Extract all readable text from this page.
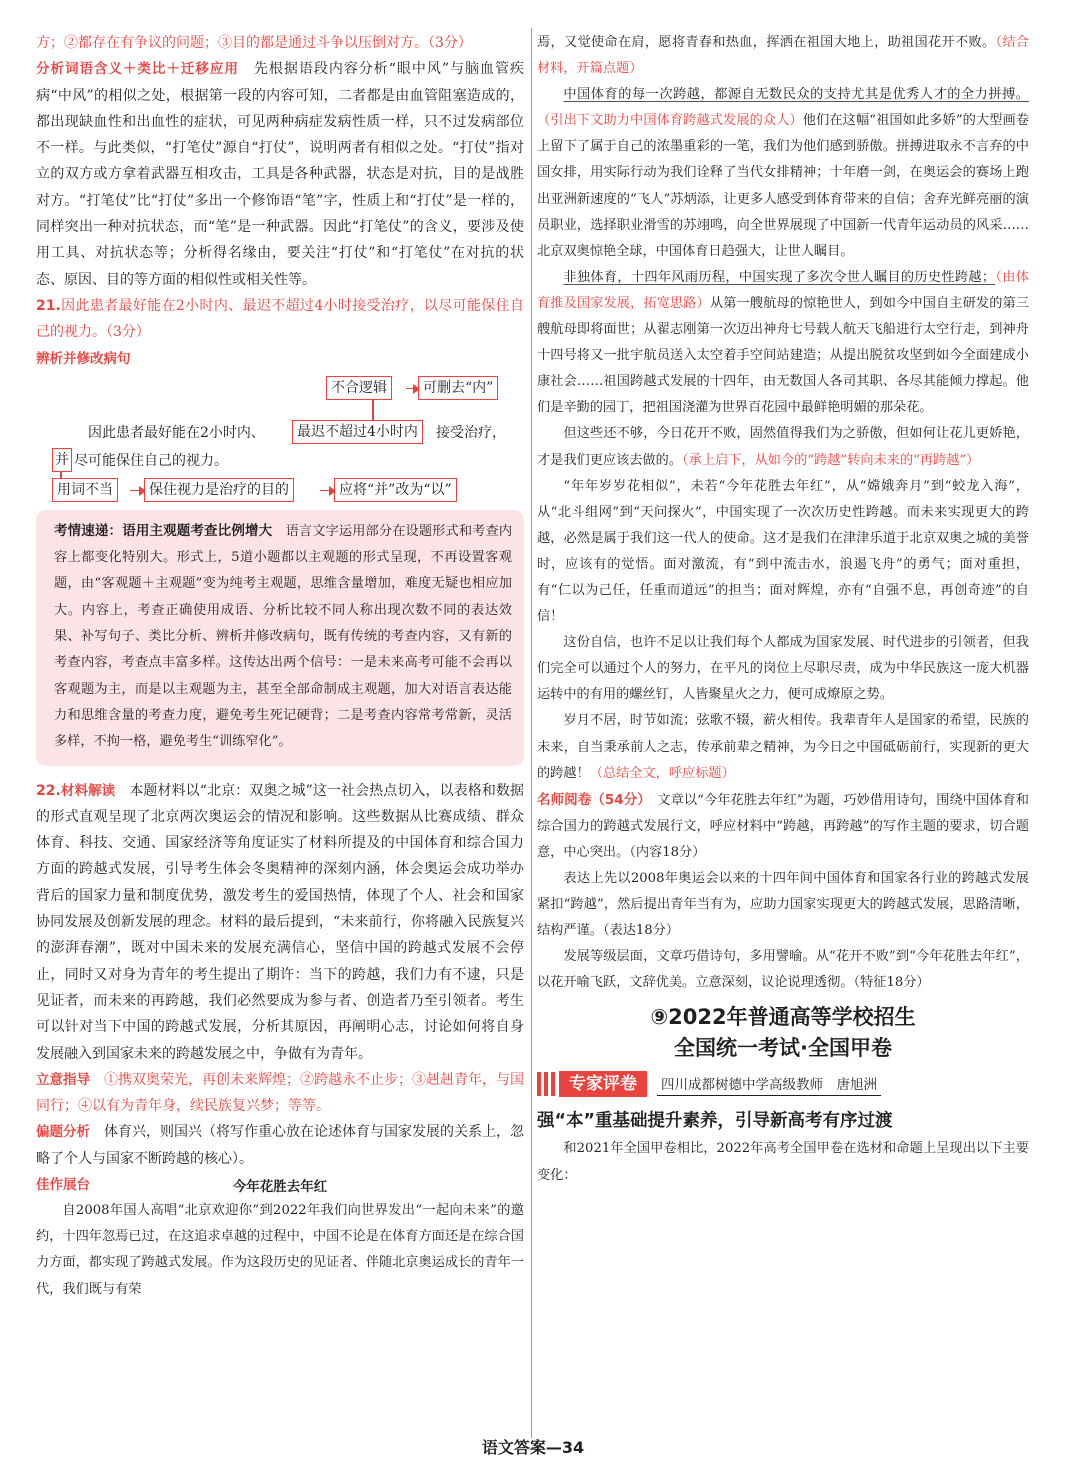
方；②都存在有争议的问题；③目的都是通过斗争以压倒对方。（3分）

分析词语含义＋类比＋迁移应用　 先根据语段内容分析“眼中风”与脑血管疾病“中风”的相似之处，根据第一段的内容可知，二者都是由血管阻塞造成的，都出现缺血性和出血性的症状，可见两种病症发病性质一样，只不过发病部位不一样。与此类似，“打笔仗”源自“打仗”，说明两者有相似之处。“打仗”指对立的双方或方拿着武器互相攻击，工具是各种武器，状态是对抗，目的是战胜对方。“打笔仗”比“打仗”多出一个修饰语“笔”字，性质上和“打仗”是一样的，同样突出一种对抗状态，而“笔”是一种武器。因此“打笔仗”的含义，要涉及使用工具、对抗状态等；分析得名缘由，要关注“打仗”和“打笔仗”在对抗的状态、原因、目的等方面的相似性或相关性等。

21.因此患者最好能在2小时内、最迟不超过4小时接受治疗，以尽可能保住自己的视力。（3分）

辨析并修改病句

不合逻辑	可删去“内”
因此患者最好能在2小时内、	最迟不超过4小时内	接受治疗，
并 尽可能保住自己的视力。
用词不当	保住视力是治疗的目的	应将“并”改为“以”

考情速递：语用主观题考查比例增大　 语言文字运用部分在设题形式和考查内容上都变化特别大。形式上，5道小题都以主观题的形式呈现，不再设置客观题，由“客观题＋主观题”变为纯考主观题，思维含量增加，难度无疑也相应加大。内容上，考查正确使用成语、分析比较不同人称出现次数不同的表达效果、补写句子、类比分析、辨析并修改病句，既有传统的考查内容，又有新的考查内容，考查点丰富多样。这传达出两个信号：一是未来高考可能不会再以客观题为主，而是以主观题为主，甚至全部命制成主观题，加大对语言表达能力和思维含量的考查力度，避免考生死记硬背；二是考查内容常考常新，灵活多样，不拘一格，避免考生“训练窄化”。

22.材料解读　 本题材料以“北京：双奥之城”这一社会热点切入，以表格和数据的形式直观呈现了北京两次奥运会的情况和影响。这些数据从比赛成绩、群众体育、科技、交通、国家经济等角度证实了材料所提及的中国体育和综合国力方面的跨越式发展，引导考生体会冬奥精神的深刻内涵，体会奥运会成功举办背后的国家力量和制度优势，激发考生的爱国热情，体现了个人、社会和国家协同发展及创新发展的理念。材料的最后提到，“未来前行，你将融入民族复兴的澎湃春潮”，既对中国未来的发展充满信心，坚信中国的跨越式发展不会停止，同时又对身为青年的考生提出了期许：当下的跨越，我们力有不逮，只是见证者，而未来的再跨越，我们必然要成为参与者、创造者乃至引领者。考生可以针对当下中国的跨越式发展，分析其原因，再阐明心志，讨论如何将自身发展融入到国家未来的跨越发展之中，争做有为青年。

立意指导　 ①携双奥荣光，再创未来辉煌；②跨越永不止步；③赳赳青年，与国同行；④以有为青年身，续民族复兴梦；等等。

偏题分析　 体育兴，则国兴（将写作重心放在论述体育与国家发展的关系上，忽略了个人与国家不断跨越的核心）。

佳作展台	今年花胜去年红

自2008年国人高唱“北京欢迎你”到2022年我们向世界发出“一起向未来”的邀约，十四年忽焉已过，在这追求卓越的过程中，中国不论是在体育方面还是在综合国力方面，都实现了跨越式发展。作为这段历史的见证者、伴随北京奥运成长的青年一代，我们既与有荣

焉，又觉使命在肩，愿将青春和热血，挥洒在祖国大地上，助祖国花开不败。（结合材料，开篇点题）

中国体育的每一次跨越，都源自无数民众的支持尤其是优秀人才的全力拼搏。（引出下文助力中国体育跨越式发展的众人）他们在这幅“祖国如此多娇”的大型画卷上留下了属于自己的浓墨重彩的一笔，我们为他们感到骄傲。拼搏进取永不言弃的中国女排，用实际行动为我们诠释了当代女排精神；十年磨一剑，在奥运会的赛场上跑出亚洲新速度的“飞人”苏炳添，让更多人感受到体育带来的自信；舍弃光鲜亮丽的演员职业，选择职业滑雪的苏翊鸣，向全世界展现了中国新一代青年运动员的风采……北京双奥惊艳全球，中国体育日趋强大，让世人瞩目。

非独体育，十四年风雨历程，中国实现了多次令世人瞩目的历史性跨越；（由体育推及国家发展，拓宽思路）从第一艘航母的惊艳世人，到如今中国自主研发的第三艘航母即将面世；从翟志刚第一次迈出神舟七号载人航天飞船进行太空行走，到神舟十四号将又一批宇航员送入太空着手空间站建造；从提出脱贫攻坚到如今全面建成小康社会……祖国跨越式发展的十四年，由无数国人各司其职、各尽其能倾力撑起。他们是辛勤的园丁，把祖国浇灌为世界百花园中最鲜艳明媚的那朵花。

但这些还不够，今日花开不败，固然值得我们为之骄傲，但如何让花儿更娇艳，才是我们更应该去做的。（承上启下，从如今的“跨越”转向未来的“再跨越”）

“年年岁岁花相似”，未若“今年花胜去年红”，从“嫦娥奔月”到“蛟龙入海”，从“北斗组网”到“天问探火”，中国实现了一次次历史性跨越。而未来实现更大的跨越，必然是属于我们这一代人的使命。这才是我们在津津乐道于北京双奥之城的美誉时，应该有的觉悟。面对激流，有“到中流击水，浪遏飞舟”的勇气；面对重担，有“仁以为己任，任重而道远”的担当；面对辉煌，亦有“自强不息，再创奇迹”的自信！

这份自信，也许不足以让我们每个人都成为国家发展、时代进步的引领者，但我们完全可以通过个人的努力，在平凡的岗位上尽职尽责，成为中华民族这一庞大机器运转中的有用的螺丝钉，人皆聚星火之力，便可成燎原之势。

岁月不居，时节如流；弦歌不辍，薪火相传。我辈青年人是国家的希望，民族的未来，自当秉承前人之志，传承前辈之精神，为今日之中国砥砺前行，实现新的更大的跨越！（总结全文，呼应标题）

名师阅卷（54分）　 文章以“今年花胜去年红”为题，巧妙借用诗句，围绕中国体育和综合国力的跨越式发展行文，呼应材料中“跨越，再跨越”的写作主题的要求，切合题意，中心突出。（内容18分）

表达上先以2008年奥运会以来的十四年间中国体育和国家各行业的跨越式发展紧扣“跨越”，然后提出青年当有为，应助力国家实现更大的跨越式发展，思路清晰，结构严谨。（表达18分）

发展等级层面，文章巧借诗句，多用譬喻。从“花开不败”到“今年花胜去年红”，以花开喻飞跃，文辞优美。立意深刻，议论说理透彻。（特征18分）

⑨2022年普通高等学校招生
全国统一考试·全国甲卷
专家评卷	四川成都树德中学高级教师　唐旭洲
强“本”重基础提升素养，引导新高考有序过渡

和2021年全国甲卷相比，2022年高考全国甲卷在选材和命题上呈现出以下主要变化：

语文答案—34
